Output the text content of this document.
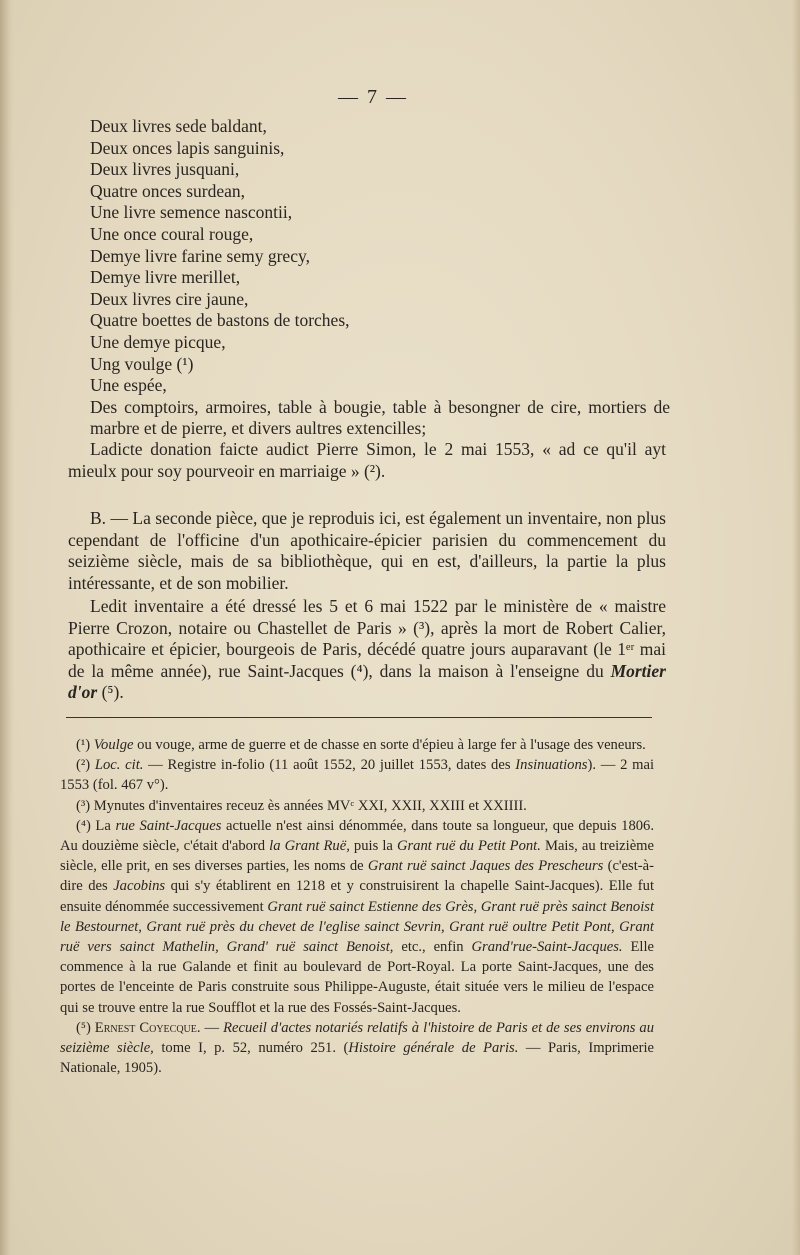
— 7 —
Deux livres sede baldant,
Deux onces lapis sanguinis,
Deux livres jusquani,
Quatre onces surdean,
Une livre semence nascontii,
Une once coural rouge,
Demye livre farine semy grecy,
Demye livre merillet,
Deux livres cire jaune,
Quatre boettes de bastons de torches,
Une demye picque,
Ung voulge (¹)
Une espée,
Des comptoirs, armoires, table à bougie, table à besongner de cire, mortiers de marbre et de pierre, et divers aultres extencilles;
Ladicte donation faicte audict Pierre Simon, le 2 mai 1553, « ad ce qu'il ayt mieulx pour soy pourveoir en marriaige » (²).
B. — La seconde pièce, que je reproduis ici, est également un inventaire, non plus cependant de l'officine d'un apothicaire-épicier parisien du commencement du seizième siècle, mais de sa bibliothèque, qui en est, d'ailleurs, la partie la plus intéressante, et de son mobilier.
Ledit inventaire a été dressé les 5 et 6 mai 1522 par le ministère de « maistre Pierre Crozon, notaire ou Chastellet de Paris » (³), après la mort de Robert Calier, apothicaire et épicier, bourgeois de Paris, décédé quatre jours auparavant (le 1ᵉʳ mai de la même année), rue Saint-Jacques (⁴), dans la maison à l'enseigne du Mortier d'or (⁵).

(¹) Voulge ou vouge, arme de guerre et de chasse en sorte d'épieu à large fer à l'usage des veneurs.

(²) Loc. cit. — Registre in-folio (11 août 1552, 20 juillet 1553, dates des Insinuations). — 2 mai 1553 (fol. 467 v°).

(³) Mynutes d'inventaires receuz ès années MVᶜ XXI, XXII, XXIII et XXIIII.

(⁴) La rue Saint-Jacques actuelle n'est ainsi dénommée, dans toute sa longueur, que depuis 1806. Au douzième siècle, c'était d'abord la Grant Ruë, puis la Grant ruë du Petit Pont. Mais, au treizième siècle, elle prit, en ses diverses parties, les noms de Grant ruë sainct Jaques des Prescheurs (c'est-à-dire des Jacobins qui s'y établirent en 1218 et y construisirent la chapelle Saint-Jacques). Elle fut ensuite dénommée successivement Grant ruë sainct Estienne des Grès, Grant ruë près sainct Benoist le Bestournet, Grant ruë près du chevet de l'eglise sainct Sevrin, Grant ruë oultre Petit Pont, Grant ruë vers sainct Mathelin, Grand' ruë sainct Benoist, etc., enfin Grand'rue-Saint-Jacques. Elle commence à la rue Galande et finit au boulevard de Port-Royal. La porte Saint-Jacques, une des portes de l'enceinte de Paris construite sous Philippe-Auguste, était située vers le milieu de l'espace qui se trouve entre la rue Soufflot et la rue des Fossés-Saint-Jacques.

(⁵) Ernest Coyecque. — Recueil d'actes notariés relatifs à l'histoire de Paris et de ses environs au seizième siècle, tome I, p. 52, numéro 251. (Histoire générale de Paris. — Paris, Imprimerie Nationale, 1905).
